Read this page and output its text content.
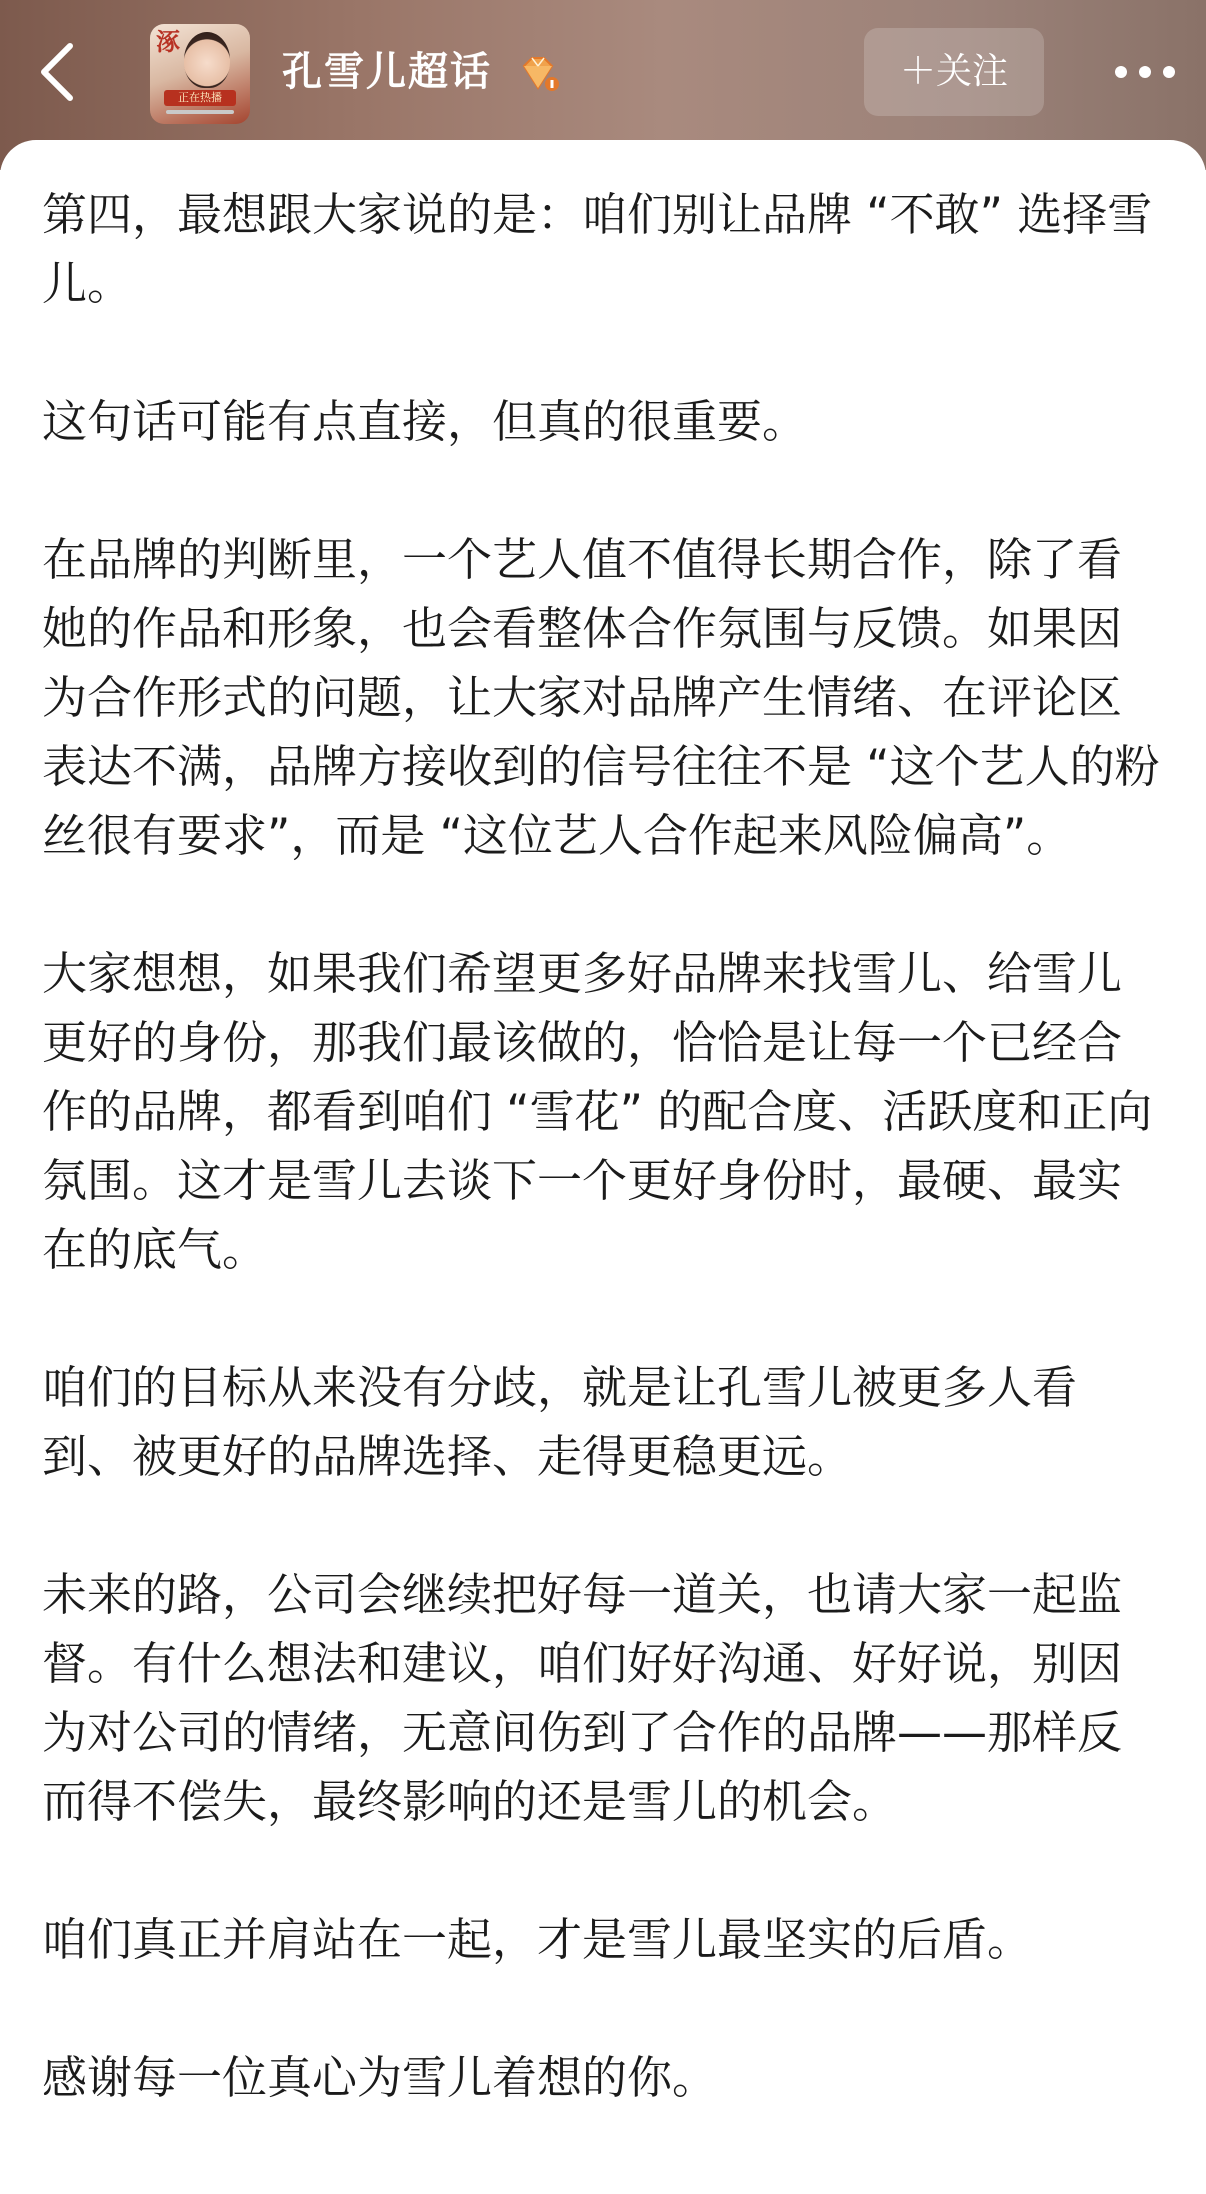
涿
正在热播
孔雪儿超话	＋关注

第四，最想跟大家说的是：咱们别让品牌 “不敢” 选择雪儿。

这句话可能有点直接，但真的很重要。

在品牌的判断里，一个艺人值不值得长期合作，除了看她的作品和形象，也会看整体合作氛围与反馈。如果因为合作形式的问题，让大家对品牌产生情绪、在评论区表达不满，品牌方接收到的信号往往不是 “这个艺人的粉丝很有要求”，而是 “这位艺人合作起来风险偏高”。

大家想想，如果我们希望更多好品牌来找雪儿、给雪儿更好的身份，那我们最该做的，恰恰是让每一个已经合作的品牌，都看到咱们 “雪花” 的配合度、活跃度和正向氛围。这才是雪儿去谈下一个更好身份时，最硬、最实在的底气。

咱们的目标从来没有分歧，就是让孔雪儿被更多人看到、被更好的品牌选择、走得更稳更远。

未来的路，公司会继续把好每一道关，也请大家一起监督。有什么想法和建议，咱们好好沟通、好好说，别因为对公司的情绪，无意间伤到了合作的品牌——那样反而得不偿失，最终影响的还是雪儿的机会。

咱们真正并肩站在一起，才是雪儿最坚实的后盾。

感谢每一位真心为雪儿着想的你。
